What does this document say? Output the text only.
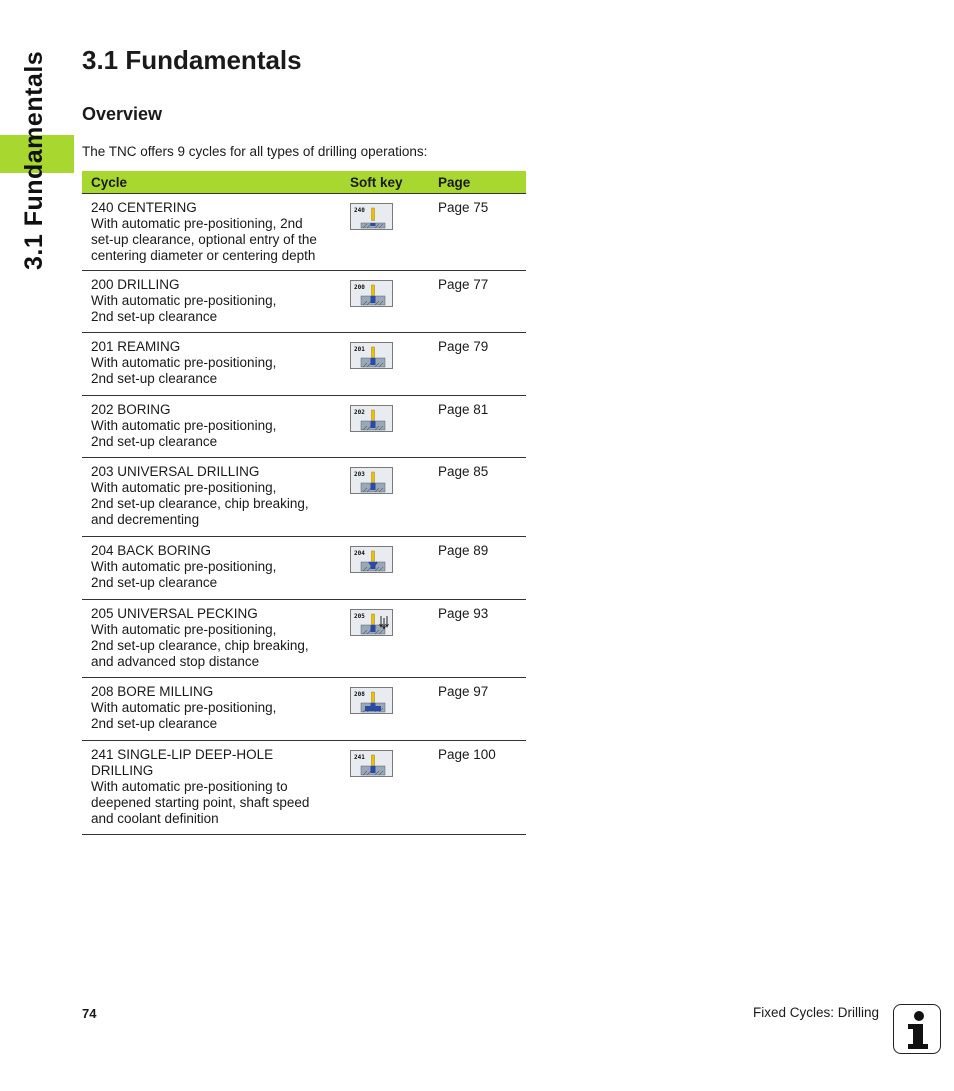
3.1 Fundamentals 3.1 Fundamentals
Overview

The TNC offers 9 cycles for all types of drilling operations:

Cycle	Soft key	Page
240 CENTERING
With automatic pre-positioning, 2nd
set-up clearance, optional entry of the
centering diameter or centering depth
240	Page 75
200 DRILLING
With automatic pre-positioning,
2nd set-up clearance
200	Page 77
201 REAMING
With automatic pre-positioning,
2nd set-up clearance
201	Page 79
202 BORING
With automatic pre-positioning,
2nd set-up clearance
202	Page 81
203 UNIVERSAL DRILLING
With automatic pre-positioning,
2nd set-up clearance, chip breaking,
and decrementing
203	Page 85
204 BACK BORING
With automatic pre-positioning,
2nd set-up clearance
204	Page 89
205 UNIVERSAL PECKING
With automatic pre-positioning,
2nd set-up clearance, chip breaking,
and advanced stop distance
205	Page 93
208 BORE MILLING
With automatic pre-positioning,
2nd set-up clearance
208	Page 97
241 SINGLE-LIP DEEP-HOLE
DRILLING
With automatic pre-positioning to
deepened starting point, shaft speed
and coolant definition
241	Page 100
74	Fixed Cycles: Drilling
